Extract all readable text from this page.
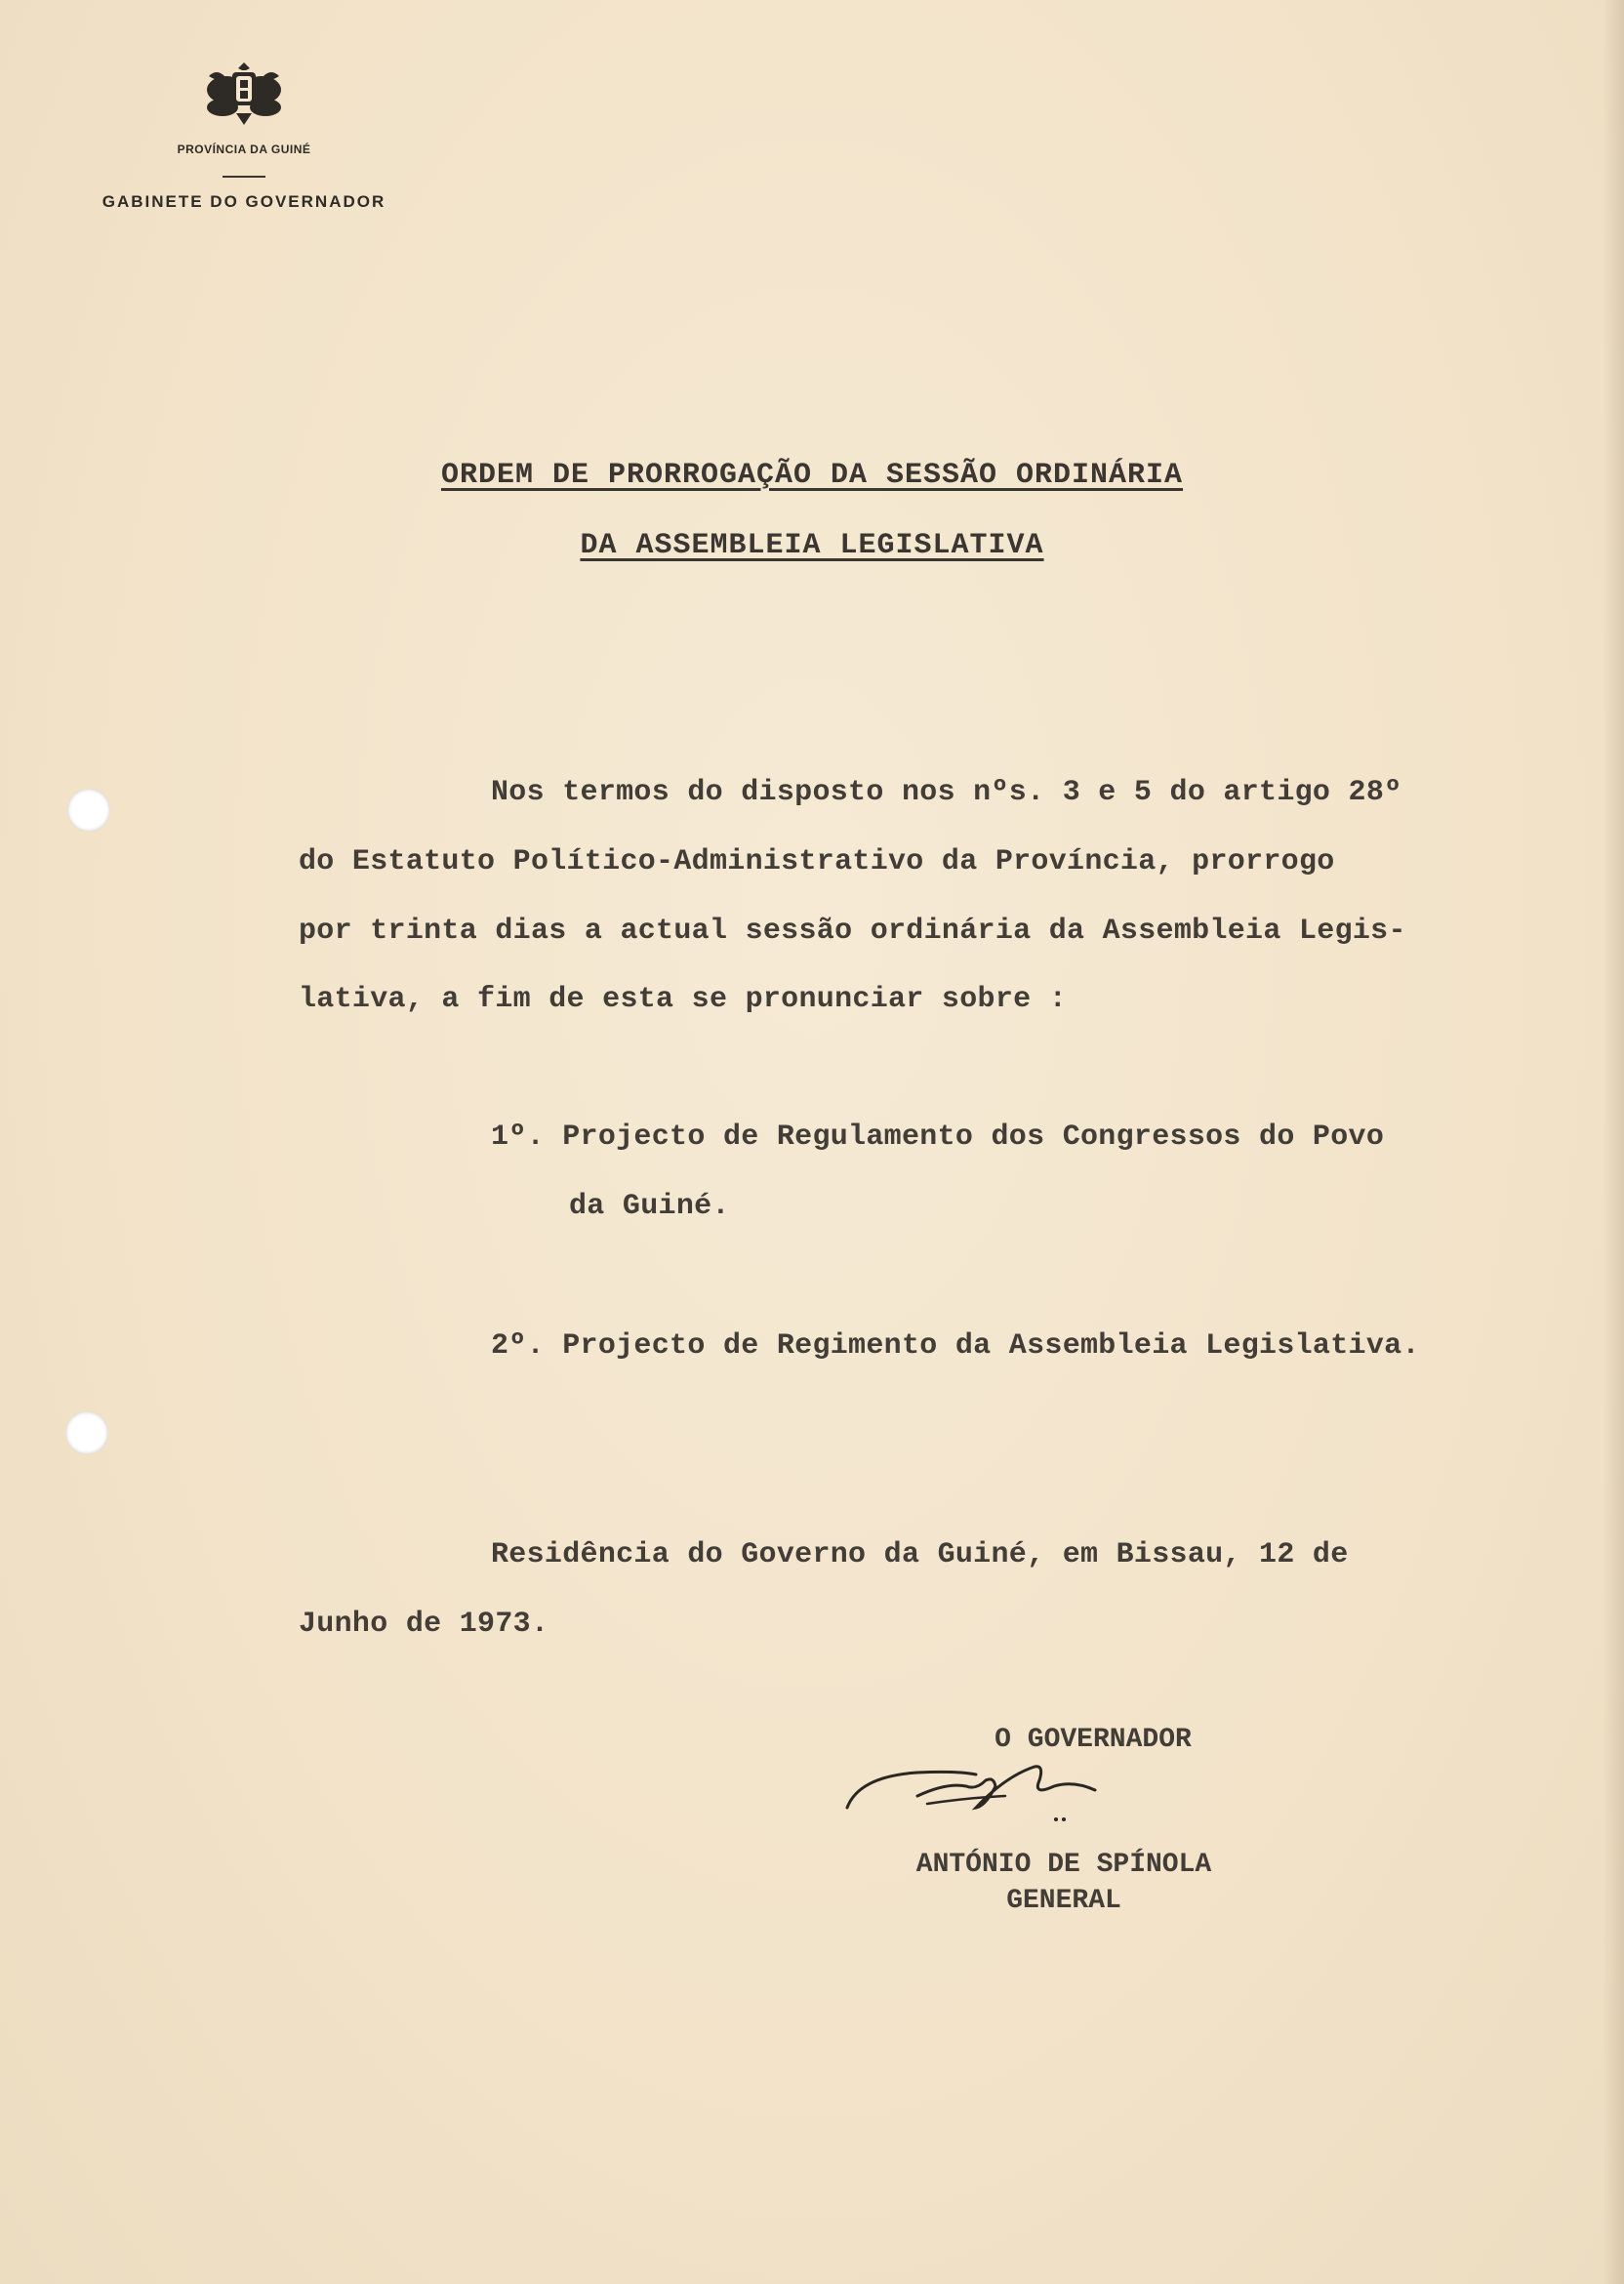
PROVÍNCIA DA GUINÉ
GABINETE DO GOVERNADOR
ORDEM DE PRORROGAÇÃO DA SESSÃO ORDINÁRIA
DA ASSEMBLEIA LEGISLATIVA
Nos termos do disposto nos nºs. 3 e 5 do artigo 28º
do Estatuto Político-Administrativo da Província, prorrogo
por trinta dias a actual sessão ordinária da Assembleia Legis-
lativa, a fim de esta se pronunciar sobre :
1º. Projecto de Regulamento dos Congressos do Povo
da Guiné.
2º. Projecto de Regimento da Assembleia Legislativa.
Residência do Governo da Guiné, em Bissau, 12 de
Junho de 1973.
O GOVERNADOR
ANTÓNIO DE SPÍNOLA
GENERAL
